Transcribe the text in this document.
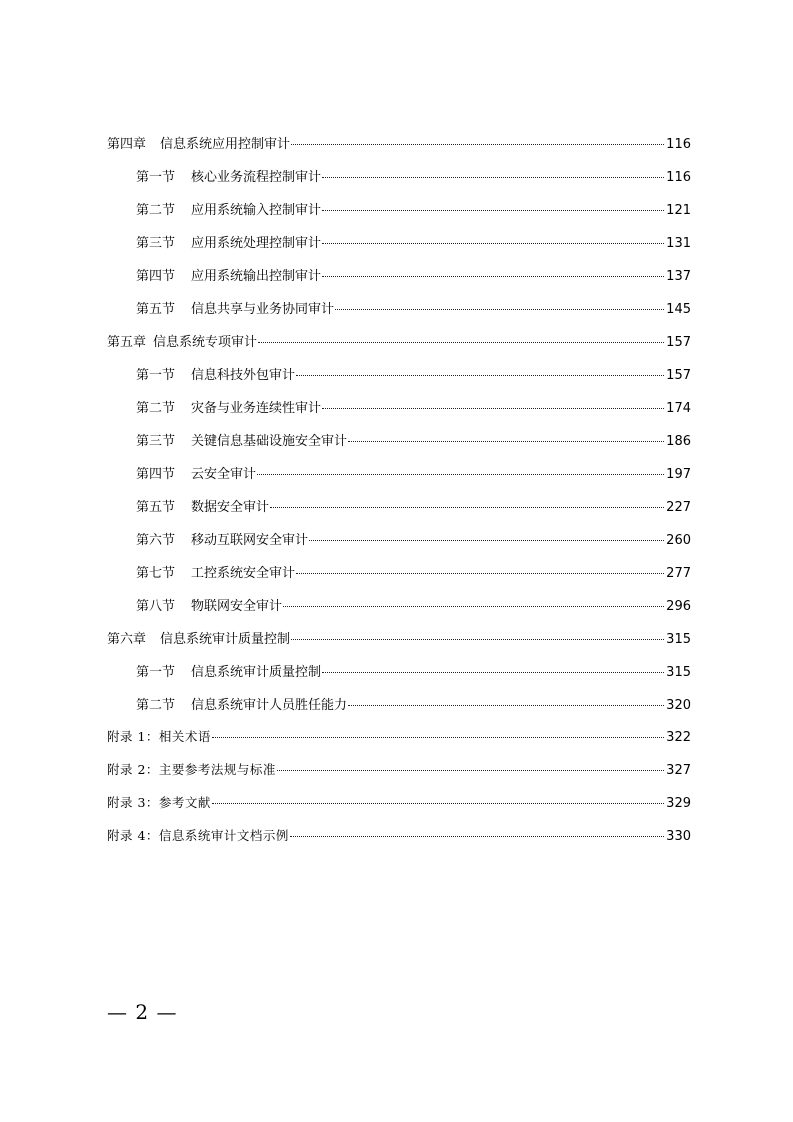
第四章 信息系统应用控制审计	116
第一节 核心业务流程控制审计	116
第二节 应用系统输入控制审计	121
第三节 应用系统处理控制审计	131
第四节 应用系统输出控制审计	137
第五节 信息共享与业务协同审计	145
第五章 信息系统专项审计	157
第一节 信息科技外包审计	157
第二节 灾备与业务连续性审计	174
第三节 关键信息基础设施安全审计	186
第四节 云安全审计	197
第五节 数据安全审计	227
第六节 移动互联网安全审计	260
第七节 工控系统安全审计	277
第八节 物联网安全审计	296
第六章 信息系统审计质量控制	315
第一节 信息系统审计质量控制	315
第二节 信息系统审计人员胜任能力	320
附录 1：相关术语	322
附录 2：主要参考法规与标准	327
附录 3：参考文献	329
附录 4：信息系统审计文档示例	330
— 2 —
